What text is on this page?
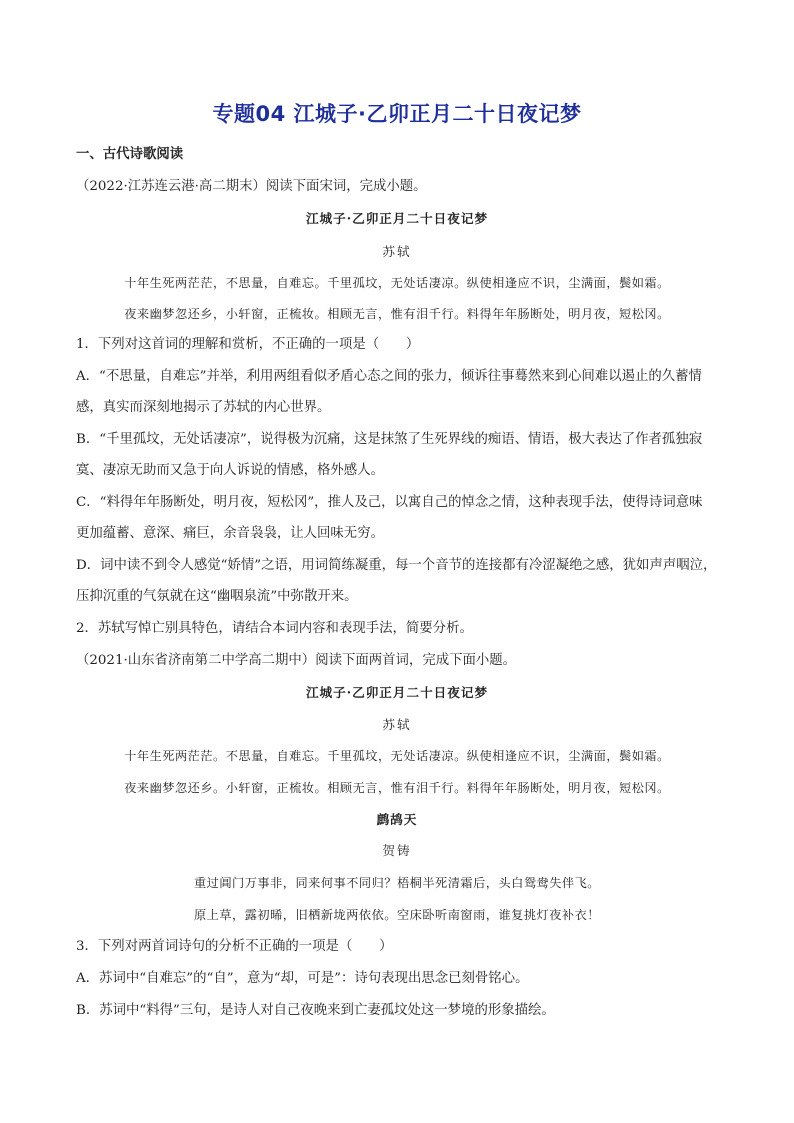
专题04 江城子·乙卯正月二十日夜记梦
一、古代诗歌阅读
（2022·江苏连云港·高二期末）阅读下面宋词，完成小题。
江城子·乙卯正月二十日夜记梦
苏轼
十年生死两茫茫，不思量，自难忘。千里孤坟，无处话凄凉。纵使相逢应不识，尘满面，鬓如霜。
夜来幽梦忽还乡，小轩窗，正梳妆。相顾无言，惟有泪千行。料得年年肠断处，明月夜，短松冈。
1．下列对这首词的理解和赏析，不正确的一项是（　　）
A．“不思量，自难忘”并举，利用两组看似矛盾心态之间的张力，倾诉往事蓦然来到心间难以遏止的久蓄情
感，真实而深刻地揭示了苏轼的内心世界。
B．“千里孤坟，无处话凄凉”，说得极为沉痛，这是抹煞了生死界线的痴语、情语，极大表达了作者孤独寂
寞、凄凉无助而又急于向人诉说的情感，格外感人。
C．“料得年年肠断处，明月夜，短松冈”，推人及己，以寓自己的悼念之情，这种表现手法，使得诗词意味
更加蕴蓄、意深、痛巨，余音袅袅，让人回味无穷。
D．词中读不到令人感觉“娇情”之语，用词简练凝重，每一个音节的连接都有冷涩凝绝之感，犹如声声咽泣，
压抑沉重的气氛就在这“幽咽泉流”中弥散开来。
2．苏轼写悼亡别具特色，请结合本词内容和表现手法，简要分析。
（2021·山东省济南第二中学高二期中）阅读下面两首词，完成下面小题。
江城子·乙卯正月二十日夜记梦
苏轼
十年生死两茫茫。不思量，自难忘。千里孤坟，无处话凄凉。纵使相逢应不识，尘满面，鬓如霜。
夜来幽梦忽还乡。小轩窗，正梳妆。相顾无言，惟有泪千行。料得年年肠断处，明月夜，短松冈。
鹧鸪天
贺铸
重过阊门万事非，同来何事不同归？梧桐半死清霜后，头白鸳鸯失伴飞。
原上草，露初晞，旧栖新垅两依依。空床卧听南窗雨，谁复挑灯夜补衣！
3．下列对两首词诗句的分析不正确的一项是（　　）
A．苏词中“自难忘”的“自”，意为“却，可是”：诗句表现出思念已刻骨铭心。
B．苏词中“料得”三句，是诗人对自己夜晚来到亡妻孤坟处这一梦境的形象描绘。
